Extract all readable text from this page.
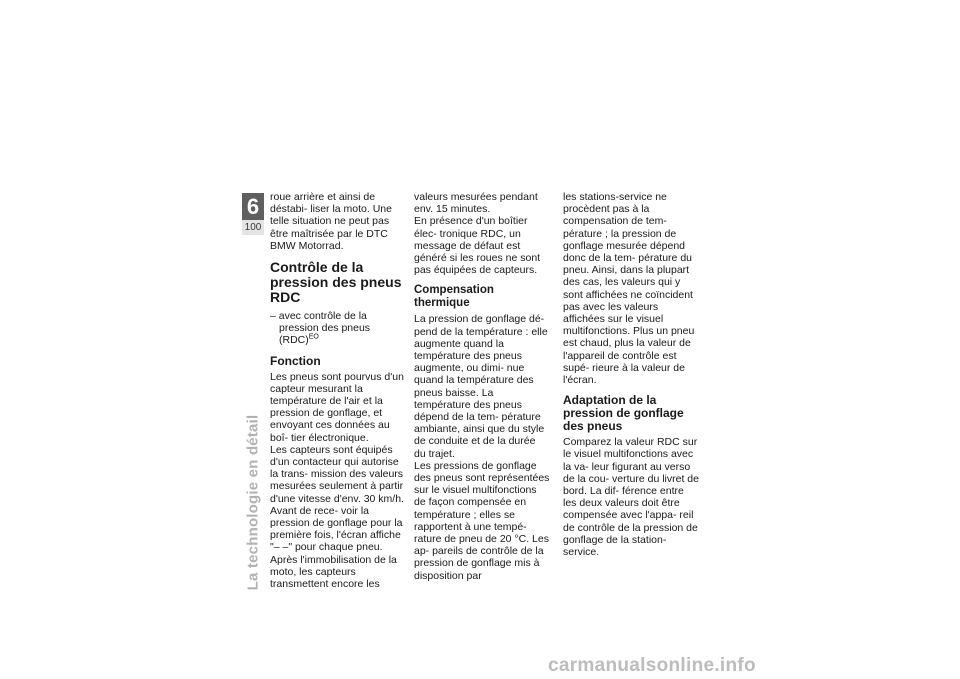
6
100
La technologie en détail

roue arrière et ainsi de déstabi- liser la moto. Une telle situation ne peut pas être maîtrisée par le DTC BMW Motorrad.

Contrôle de la pression des pneus RDC

– avec contrôle de la pression des pneus (RDC)$^{EO}$

Fonction

Les pneus sont pourvus d'un capteur mesurant la température de l'air et la pression de gonflage, et envoyant ces données au boî- tier électronique.

Les capteurs sont équipés d'un contacteur qui autorise la trans- mission des valeurs mesurées seulement à partir d'une vitesse d'env. 30 km/h. Avant de rece- voir la pression de gonflage pour la première fois, l'écran affiche "– –" pour chaque pneu. Après l'immobilisation de la moto, les capteurs transmettent encore les

valeurs mesurées pendant env. 15 minutes.

En présence d'un boîtier élec- tronique RDC, un message de défaut est généré si les roues ne sont pas équipées de capteurs.

Compensation thermique

La pression de gonflage dé- pend de la température : elle augmente quand la température des pneus augmente, ou dimi- nue quand la température des pneus baisse. La température des pneus dépend de la tem- pérature ambiante, ainsi que du style de conduite et de la durée du trajet.

Les pressions de gonflage des pneus sont représentées sur le visuel multifonctions de façon compensée en température ; elles se rapportent à une tempé- rature de pneu de 20 °C. Les ap- pareils de contrôle de la pression de gonflage mis à disposition par

les stations-service ne procèdent pas à la compensation de tem- pérature ; la pression de gonflage mesurée dépend donc de la tem- pérature du pneu. Ainsi, dans la plupart des cas, les valeurs qui y sont affichées ne coïncident pas avec les valeurs affichées sur le visuel multifonctions. Plus un pneu est chaud, plus la valeur de l'appareil de contrôle est supé- rieure à la valeur de l'écran.

Adaptation de la pression de gonflage des pneus

Comparez la valeur RDC sur le visuel multifonctions avec la va- leur figurant au verso de la cou- verture du livret de bord. La dif- férence entre les deux valeurs doit être compensée avec l'appa- reil de contrôle de la pression de gonflage de la station-service.

carmanualsonline.info
